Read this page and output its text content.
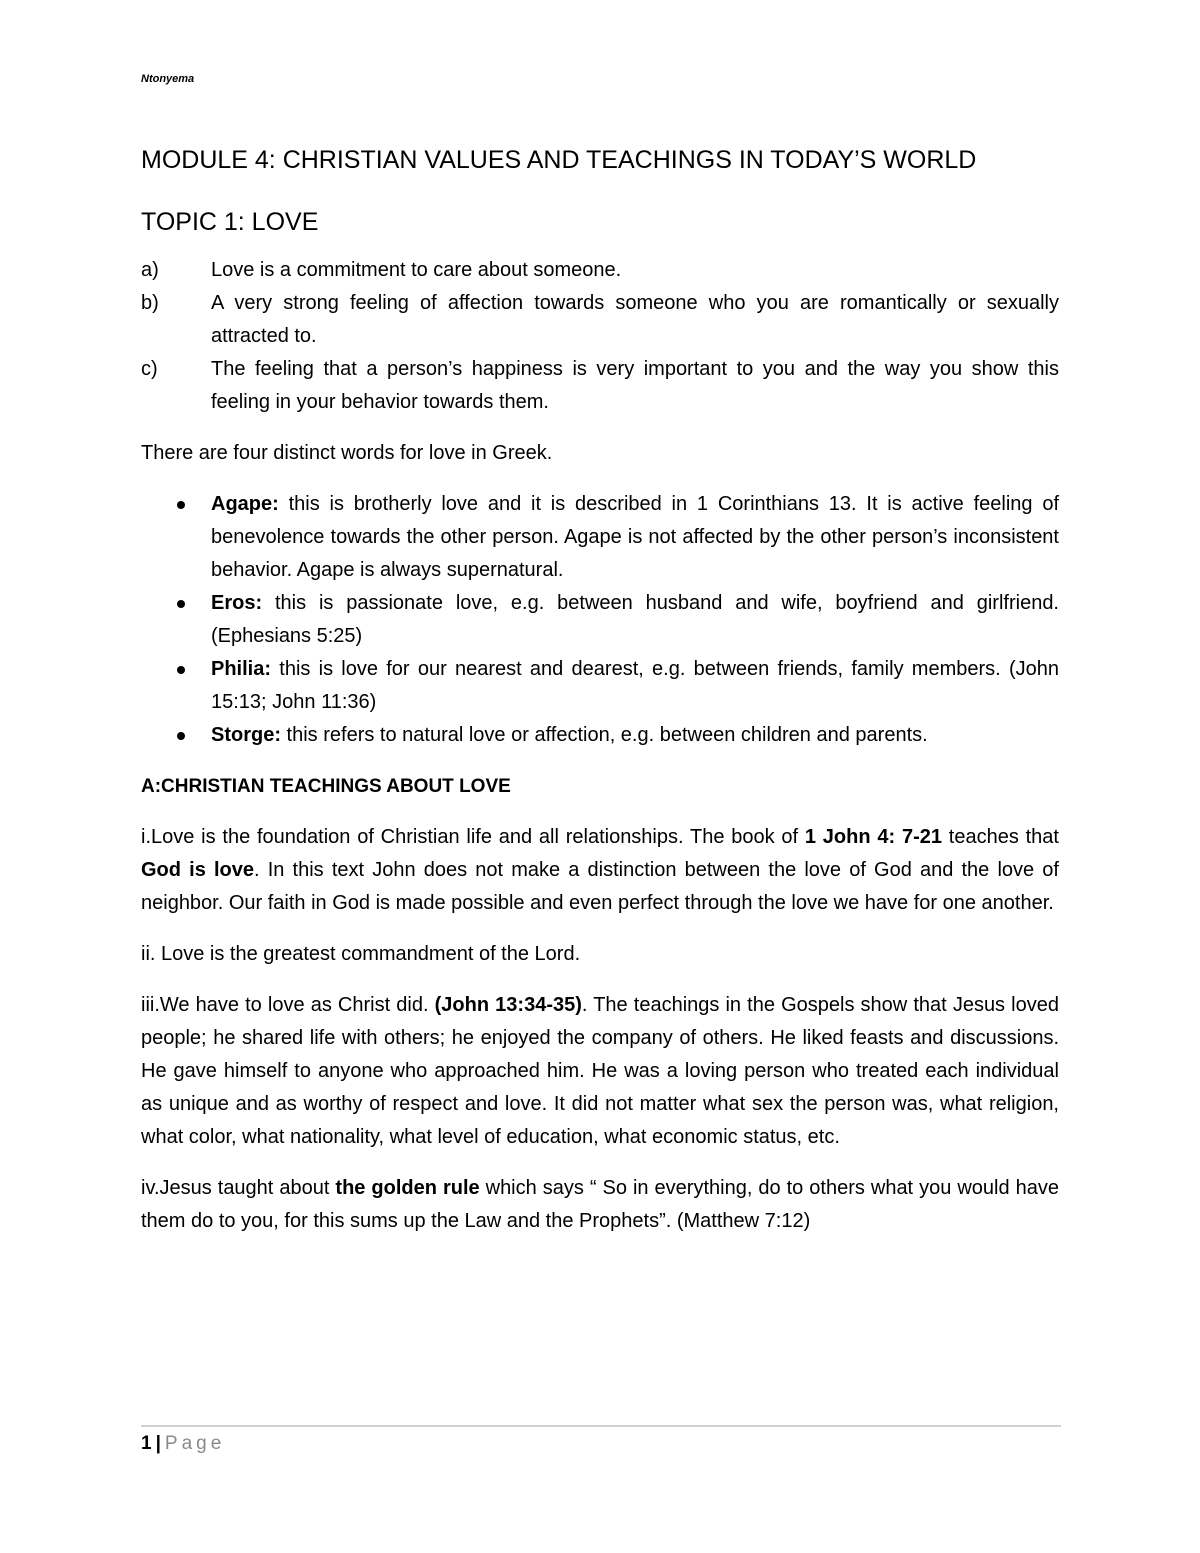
Ntonyema
MODULE 4: CHRISTIAN VALUES AND TEACHINGS IN TODAY’S WORLD
TOPIC 1: LOVE
a)	Love is a commitment to care about someone.
b)	A very strong feeling of affection towards someone who you are romantically or sexually attracted to.
c)	The feeling that a person’s happiness is very important to you and the way you show this feeling in your behavior towards them.

There are four distinct words for love in Greek.

Agape: this is brotherly love and it is described in 1 Corinthians 13. It is active feeling of benevolence towards the other person. Agape is not affected by the other person’s inconsistent behavior. Agape is always supernatural.
Eros: this is passionate love, e.g. between husband and wife, boyfriend and girlfriend. (Ephesians 5:25)
Philia: this is love for our nearest and dearest, e.g. between friends, family members. (John 15:13; John 11:36)
Storge: this refers to natural love or affection, e.g. between children and parents.
A:CHRISTIAN TEACHINGS ABOUT LOVE

i.Love is the foundation of Christian life and all relationships. The book of 1 John 4: 7-21 teaches that God is love. In this text John does not make a distinction between the love of God and the love of neighbor. Our faith in God is made possible and even perfect through the love we have for one another.

ii. Love is the greatest commandment of the Lord.

iii.We have to love as Christ did. (John 13:34-35). The teachings in the Gospels show that Jesus loved people; he shared life with others; he enjoyed the company of others. He liked feasts and discussions. He gave himself to anyone who approached him. He was a loving person who treated each individual as unique and as worthy of respect and love. It did not matter what sex the person was, what religion, what color, what nationality, what level of education, what economic status, etc.

iv.Jesus taught about the golden rule which says “ So in everything, do to others what you would have them do to you, for this sums up the Law and the Prophets”. (Matthew 7:12)

1 | Page
